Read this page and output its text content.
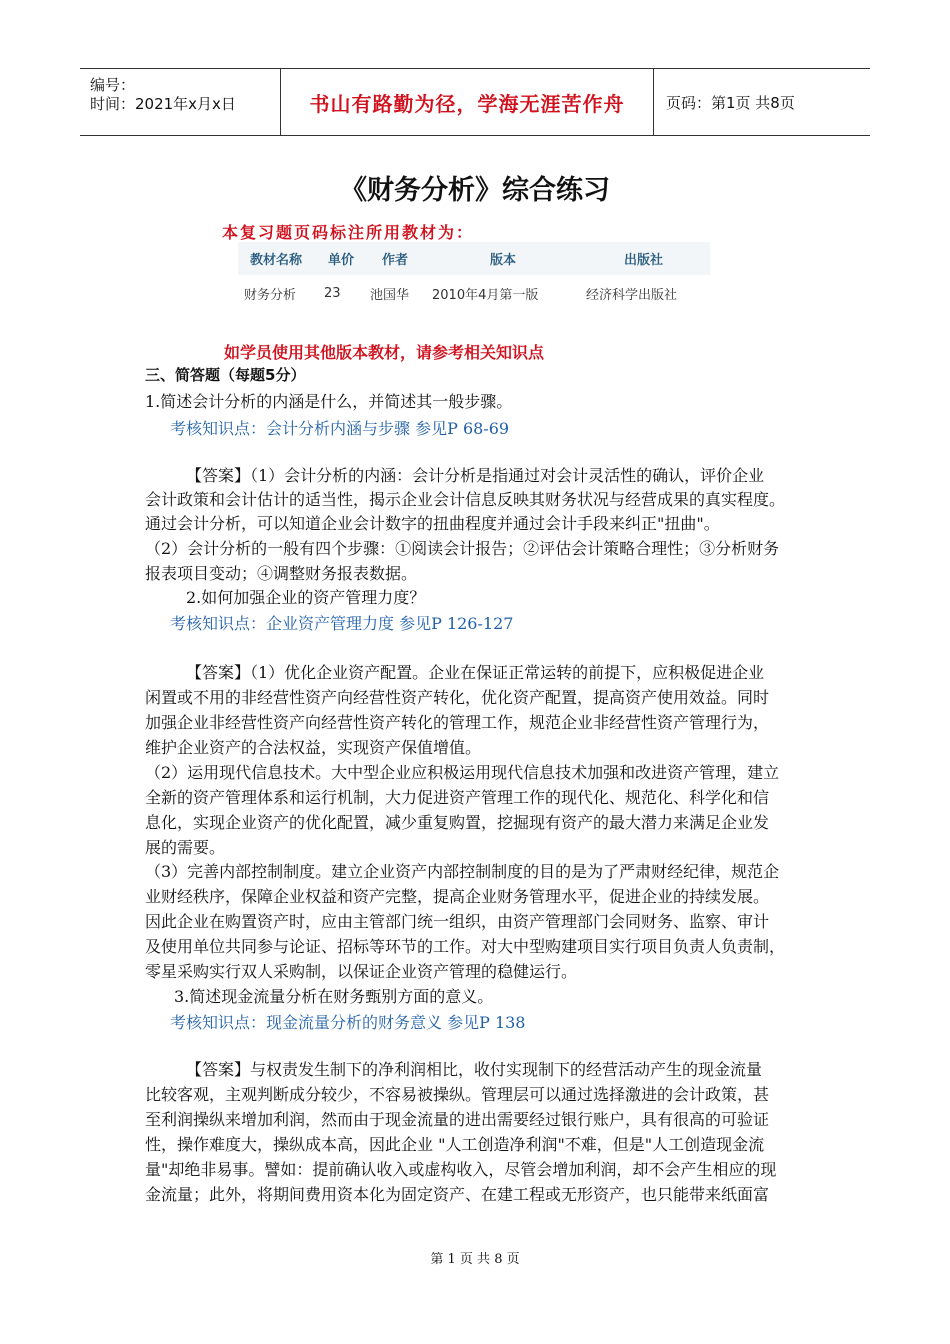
编号：
时间：2021年x月x日	书山有路勤为径，学海无涯苦作舟	页码：第1页 共8页
《财务分析》综合练习
本复习题页码标注所用教材为：
教材名称 单价 作者	版本	出版社
财务分析 23 池国华 2010年4月第一版	经济科学出版社
如学员使用其他版本教材，请参考相关知识点
三、简答题（每题5分）
1.简述会计分析的内涵是什么，并简述其一般步骤。
考核知识点：会计分析内涵与步骤 参见P 68-69
【答案】（1）会计分析的内涵：会计分析是指通过对会计灵活性的确认，评价企业
会计政策和会计估计的适当性，揭示企业会计信息反映其财务状况与经营成果的真实程度。
通过会计分析，可以知道企业会计数字的扭曲程度并通过会计手段来纠正"扭曲"。
（2）会计分析的一般有四个步骤：①阅读会计报告；②评估会计策略合理性；③分析财务
报表项目变动；④调整财务报表数据。
2.如何加强企业的资产管理力度？
考核知识点：企业资产管理力度 参见P 126-127
【答案】（1）优化企业资产配置。企业在保证正常运转的前提下，应积极促进企业
闲置或不用的非经营性资产向经营性资产转化，优化资产配置，提高资产使用效益。同时
加强企业非经营性资产向经营性资产转化的管理工作，规范企业非经营性资产管理行为，
维护企业资产的合法权益，实现资产保值增值。
（2）运用现代信息技术。大中型企业应积极运用现代信息技术加强和改进资产管理，建立
全新的资产管理体系和运行机制，大力促进资产管理工作的现代化、规范化、科学化和信
息化，实现企业资产的优化配置，减少重复购置，挖掘现有资产的最大潜力来满足企业发
展的需要。
（3）完善内部控制制度。建立企业资产内部控制制度的目的是为了严肃财经纪律，规范企
业财经秩序，保障企业权益和资产完整，提高企业财务管理水平，促进企业的持续发展。
因此企业在购置资产时，应由主管部门统一组织，由资产管理部门会同财务、监察、审计
及使用单位共同参与论证、招标等环节的工作。对大中型购建项目实行项目负责人负责制，
零星采购实行双人采购制，以保证企业资产管理的稳健运行。
3.简述现金流量分析在财务甄别方面的意义。
考核知识点：现金流量分析的财务意义 参见P 138
【答案】与权责发生制下的净利润相比，收付实现制下的经营活动产生的现金流量
比较客观，主观判断成分较少，不容易被操纵。管理层可以通过选择激进的会计政策，甚
至利润操纵来增加利润，然而由于现金流量的进出需要经过银行账户，具有很高的可验证
性，操作难度大，操纵成本高，因此企业 "人工创造净利润"不难，但是"人工创造现金流
量"却绝非易事。譬如：提前确认收入或虚构收入，尽管会增加利润，却不会产生相应的现
金流量；此外，将期间费用资本化为固定资产、在建工程或无形资产，也只能带来纸面富
第 1 页 共 8 页
